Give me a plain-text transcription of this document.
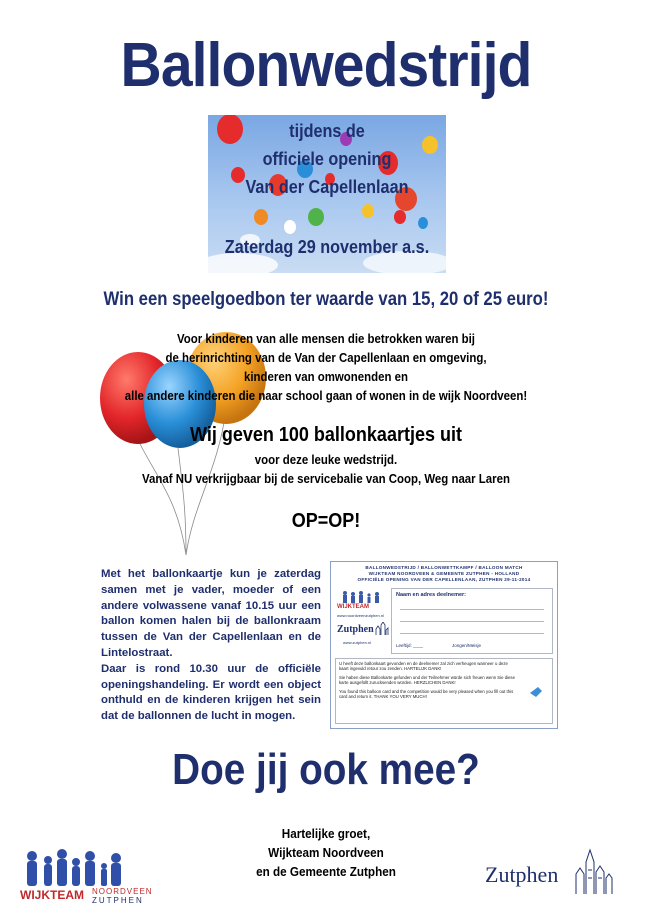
Ballonwedstrijd
tijdens de
officiele opening
Van der Capellenlaan
Zaterdag 29 november a.s.
Win een speelgoedbon ter waarde van 15, 20 of 25 euro!
Voor kinderen van alle mensen die betrokken waren bij
de herinrichting van de Van der Capellenlaan en omgeving,
kinderen van omwonenden en
alle andere kinderen die naar school gaan of wonen in de wijk Noordveen!
Wij geven 100 ballonkaartjes uit
voor deze leuke wedstrijd.
Vanaf NU verkrijgbaar bij de servicebalie van Coop, Weg naar Laren
OP=OP!

Met het ballonkaartje kun je zaterdag samen met je vader, moeder of een andere volwassene vanaf 10.15 uur een ballon komen halen bij de ballonkraam tussen de Van der Capellenlaan en de Lintelostraat.

Daar is rond 10.30 uur de officiële openingshandeling. Er wordt een object onthuld en de kinderen krijgen het sein dat de ballonnen de lucht in mogen.

BALLONWEDSTRIJD / BALLONWETTKAMPF / BALLOON MATCH
WIJKTEAM NOORDVEEN & GEMEENTE ZUTPHEN - HOLLAND
OFFICIËLE OPENING VAN DER CAPELLENLAAN, ZUTPHEN 29-11-2014
WIJKTEAM
www.noordveenzutphen.nl
Zutphen
www.zutphen.nl
Naam en adres deelnemer:
Leeftijd: ____	Jongen/Meisje

U heeft deze ballonkaart gevonden en de deelnemer zal zich verheugen wanneer u deze kaart ingevuld retour zou zenden. HARTELIJK DANK!

Sie haben diese Ballonkarte gefunden und der Teilnehmer würde sich freuen wenn Sie diese karte ausgefüllt zurucksenden würden. HERZLICHEN DANK!

You found this balloon card and the competition would be very pleased when you fill out this card and return it. THANK YOU VERY MUCH!

Doe jij ook mee?
Hartelijke groet,
Wijkteam Noordveen
en de Gemeente Zutphen
WIJKTEAM NOORDVEEN
ZUTPHEN
Zutphen
